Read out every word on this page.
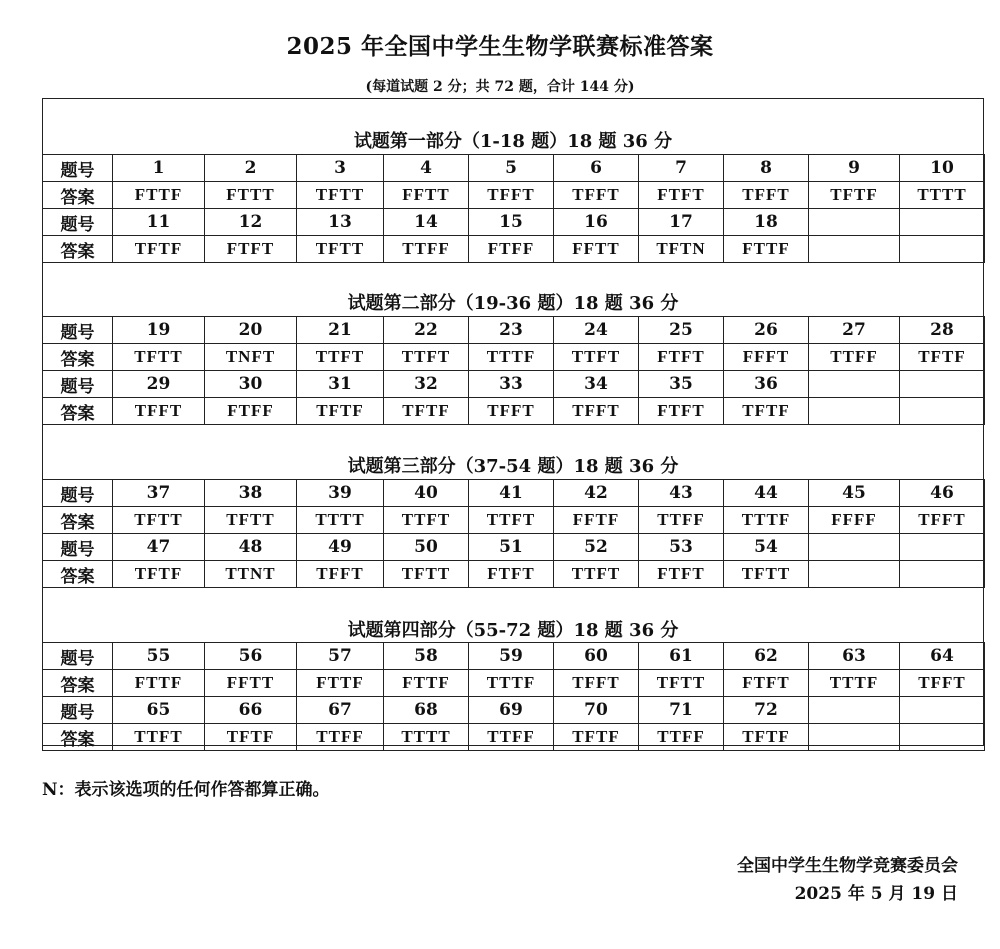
2025 年全国中学生生物学联赛标准答案
(每道试题 2 分；共 72 题，合计 144 分)
试题第一部分（1-18 题）18 题 36 分
题号	1	2	3	4	5	6	7	8	9	10
答案	FTTF	FTTT	TFTT	FFTT	TFFT	TFFT	FTFT	TFFT	TFTF	TTTT
题号	11	12	13	14	15	16	17	18		
答案	TFTF	FTFT	TFTT	TTFF	FTFF	FFTT	TFTN	FTTF		
试题第二部分（19-36 题）18 题 36 分
题号	19	20	21	22	23	24	25	26	27	28
答案	TFTT	TNFT	TTFT	TTFT	TTTF	TTFT	FTFT	FFFT	TTFF	TFTF
题号	29	30	31	32	33	34	35	36		
答案	TFFT	FTFF	TFTF	TFTF	TFFT	TFFT	FTFT	TFTF		
试题第三部分（37-54 题）18 题 36 分
题号	37	38	39	40	41	42	43	44	45	46
答案	TFTT	TFTT	TTTT	TTFT	TTFT	FFTF	TTFF	TTTF	FFFF	TFFT
题号	47	48	49	50	51	52	53	54		
答案	TFTF	TTNT	TFFT	TFTT	FTFT	TTFT	FTFT	TFTT		
试题第四部分（55-72 题）18 题 36 分
题号	55	56	57	58	59	60	61	62	63	64
答案	FTTF	FFTT	FTTF	FTTF	TTTF	TFFT	TFTT	FTFT	TTTF	TFFT
题号	65	66	67	68	69	70	71	72		
答案	TTFT	TFTF	TTFF	TTTT	TTFF	TFTF	TTFF	TFTF		
N：表示该选项的任何作答都算正确。
全国中学生生物学竞赛委员会
2025 年 5 月 19 日
